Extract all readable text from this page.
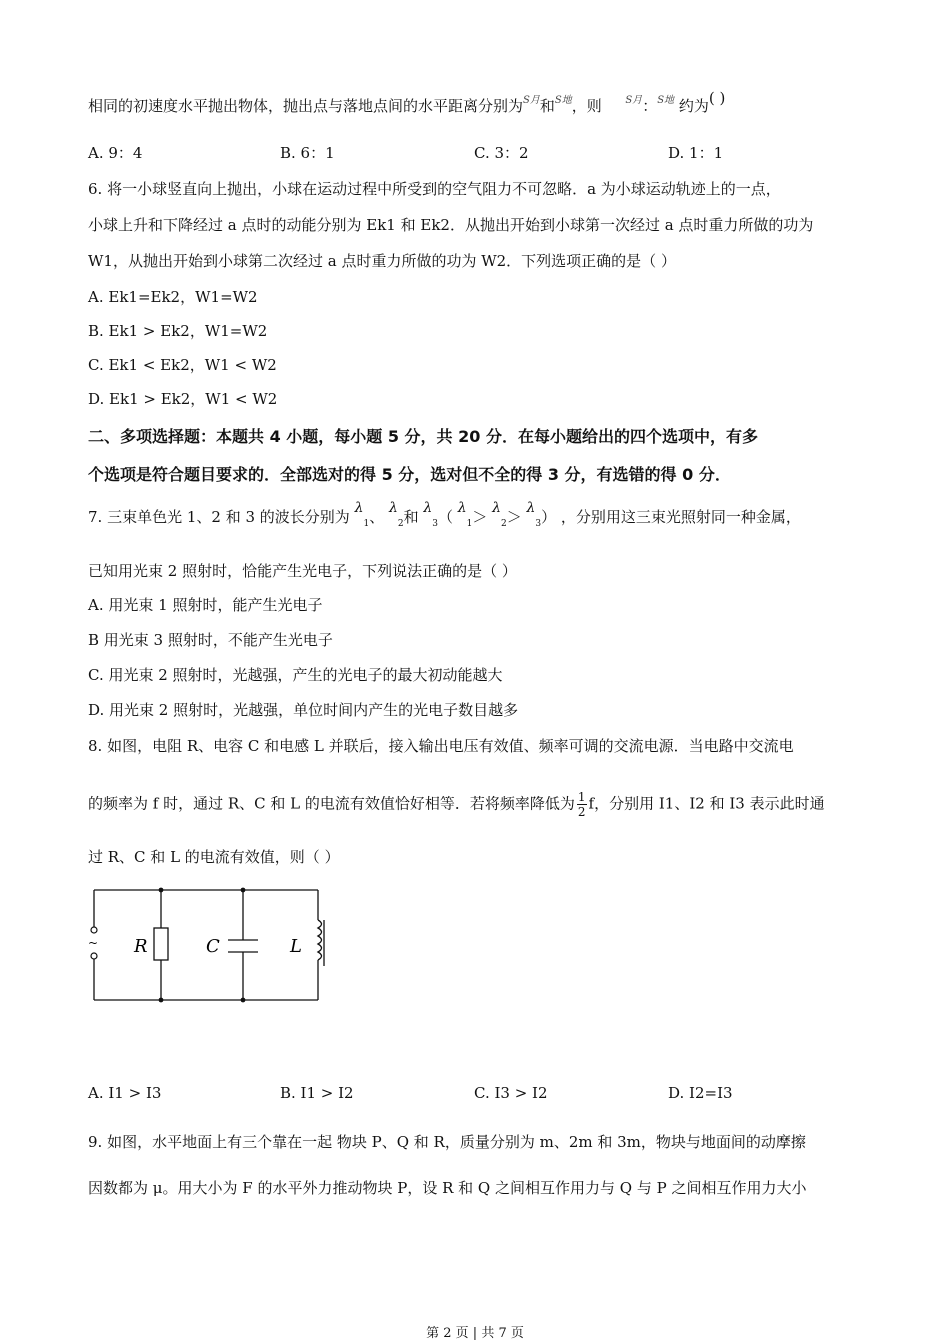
相同的初速度水平抛出物体，抛出点与落地点间的水平距离分别为$^{S月}$和$^{S地}$，则 $^{S月}$：$^{S地}$ 约为( )
A. 9：4	B. 6：1	C. 3：2	D. 1：1
6. 将一小球竖直向上抛出，小球在运动过程中所受到的空气阻力不可忽略．a 为小球运动轨迹上的一点，
小球上升和下降经过 a 点时的动能分别为 Ek1 和 Ek2．从抛出开始到小球第一次经过 a 点时重力所做的功为
W1，从抛出开始到小球第二次经过 a 点时重力所做的功为 W2．下列选项正确的是（ ）
A. Ek1=Ek2，W1=W2
B. Ek1 > Ek2，W1=W2
C. Ek1 < Ek2，W1 < W2
D. Ek1 > Ek2，W1 < W2
二、多项选择题：本题共 4 小题，每小题 5 分，共 20 分．在每小题给出的四个选项中，有多
个选项是符合题目要求的．全部选对的得 5 分，选对但不全的得 3 分，有选错的得 0 分．
7. 三束单色光 1、2 和 3 的波长分别为 $\lambda_1$、 $\lambda_2$和 $\lambda_3$（ $\lambda_1> \lambda_2> \lambda_3$） ，分别用这三束光照射同一种金属，
已知用光束 2 照射时，恰能产生光电子，下列说法正确的是（ ）
A. 用光束 1 照射时，能产生光电子
B 用光束 3 照射时，不能产生光电子
C. 用光束 2 照射时，光越强，产生的光电子的最大初动能越大
D. 用光束 2 照射时，光越强，单位时间内产生的光电子数目越多
8. 如图，电阻 R、电容 C 和电感 L 并联后，接入输出电压有效值、频率可调的交流电源．当电路中交流电
的频率为 f 时，通过 R、C 和 L 的电流有效值恰好相等．若将频率降低为 $\frac{1}{2}$ f，分别用 I1、I2 和 I3 表示此时通
过 R、C 和 L 的电流有效值，则（ ）
~ R	C	L
A. I1 > I3	B. I1 > I2	C. I3 > I2	D. I2=I3
9. 如图，水平地面上有三个靠在一起 物块 P、Q 和 R，质量分别为 m、2m 和 3m，物块与地面间的动摩擦
因数都为 μ。用大小为 F 的水平外力推动物块 P，设 R 和 Q 之间相互作用力与 Q 与 P 之间相互作用力大小
第 2 页 | 共 7 页
